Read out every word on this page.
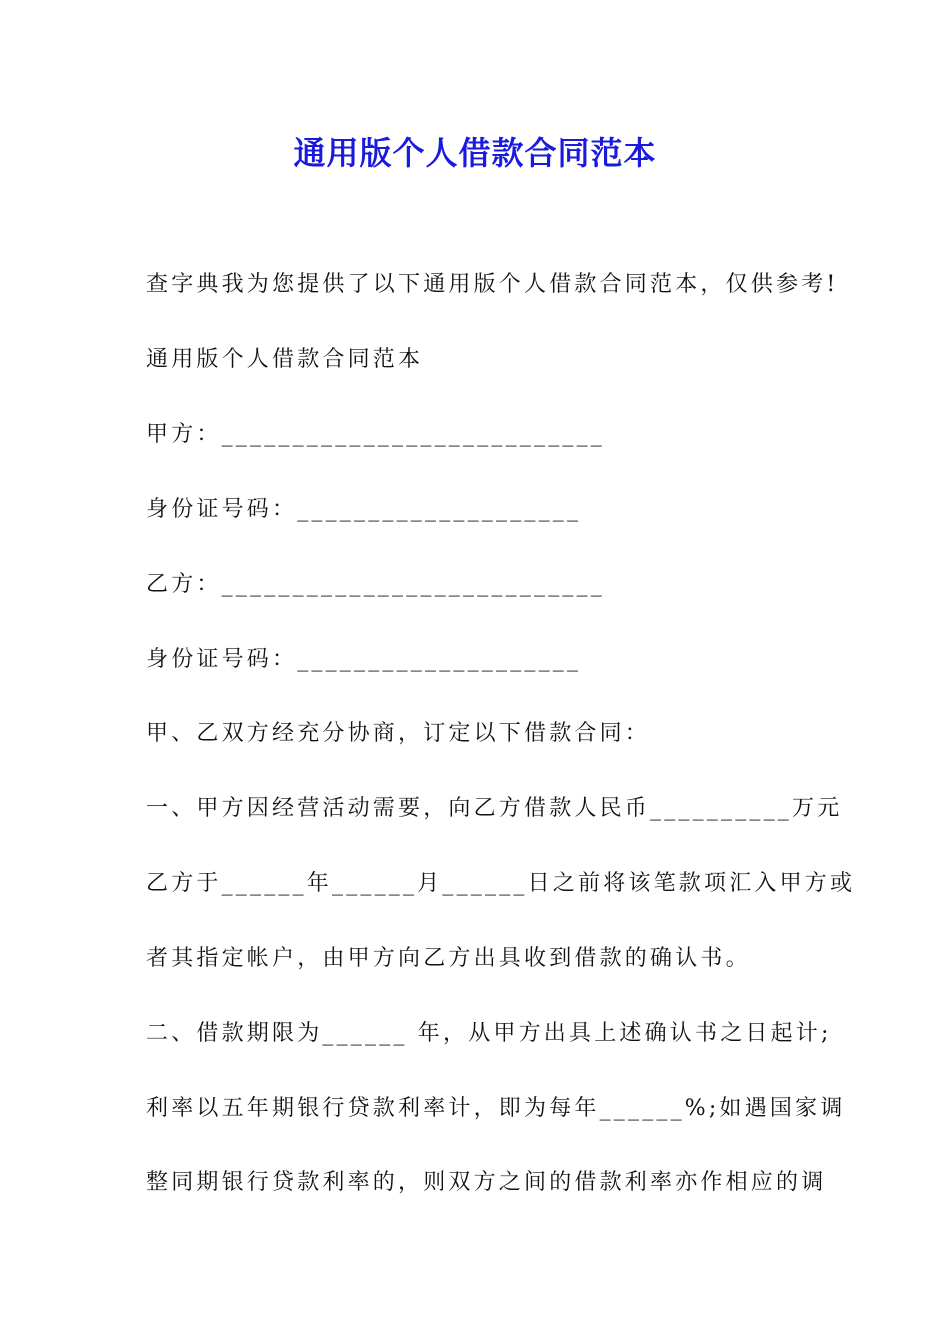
通用版个人借款合同范本
查字典我为您提供了以下通用版个人借款合同范本，仅供参考!
通用版个人借款合同范本
甲方：___________________________
身份证号码：____________________
乙方：___________________________
身份证号码：____________________
甲、乙双方经充分协商，订定以下借款合同：
一、甲方因经营活动需要，向乙方借款人民币__________万元
乙方于______年______月______日之前将该笔款项汇入甲方或
者其指定帐户，由甲方向乙方出具收到借款的确认书。
二、借款期限为______ 年，从甲方出具上述确认书之日起计;
利率以五年期银行贷款利率计，即为每年______%;如遇国家调
整同期银行贷款利率的，则双方之间的借款利率亦作相应的调
